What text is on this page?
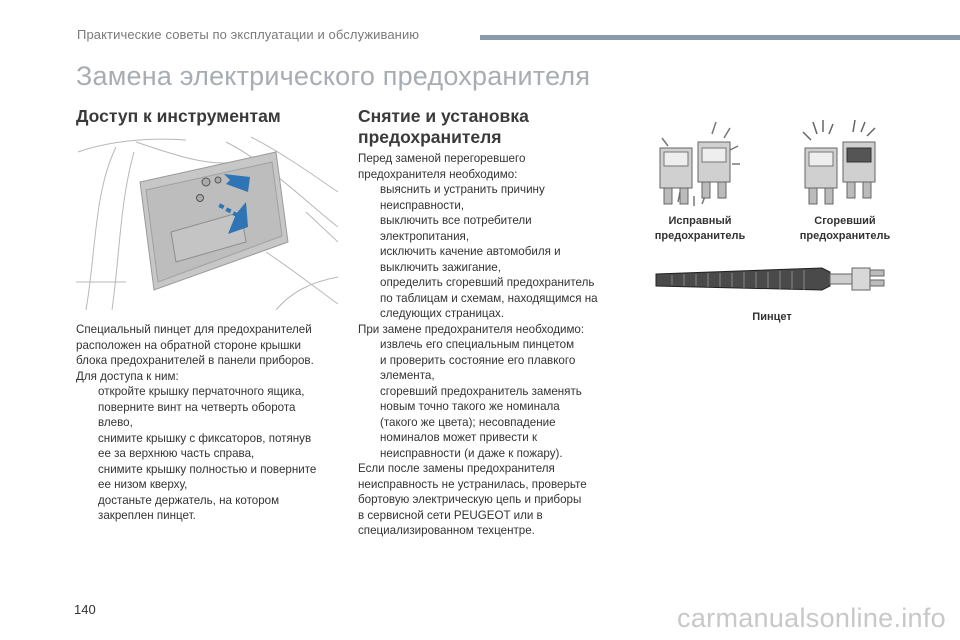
Практические советы по эксплуатации и обслуживанию
Замена электрического предохранителя
Доступ к инструментам

Специальный пинцет для предохранителей

расположен на обратной стороне крышки

блока предохранителей в панели приборов.

Для доступа к ним:

откройте крышку перчаточного ящика,

поверните винт на четверть оборота

влево,

снимите крышку с фиксаторов, потянув

ее за верхнюю часть справа,

снимите крышку полностью и поверните

ее низом кверху,

достаньте держатель, на котором

закреплен пинцет.

Снятие и установка
предохранителя

Перед заменой перегоревшего

предохранителя необходимо:

выяснить и устранить причину

неисправности,

выключить все потребители

электропитания,

исключить качение автомобиля и

выключить зажигание,

определить сгоревший предохранитель

по таблицам и схемам, находящимся на

следующих страницах.

При замене предохранителя необходимо:

извлечь его специальным пинцетом

и проверить состояние его плавкого

элемента,

сгоревший предохранитель заменять

новым точно такого же номинала

(такого же цвета); несовпадение

номиналов может привести к

неисправности (и даже к пожару).

Если после замены предохранителя

неисправность не устранилась, проверьте

бортовую электрическую цепь и приборы

в сервисной сети PEUGEOT или в

специализированном техцентре.

Исправный
предохранитель
Сгоревший
предохранитель
Пинцет
140	carmanualsonline.info
